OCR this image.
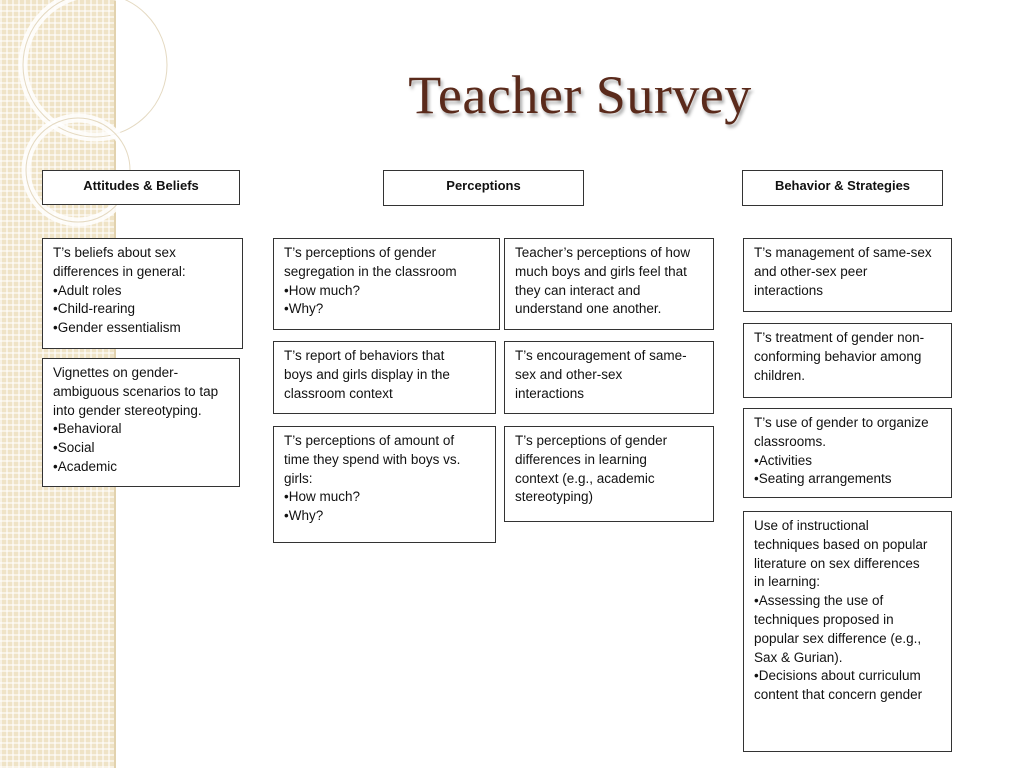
Teacher Survey
Attitudes & Beliefs	Perceptions	Behavior & Strategies
T’s beliefs about sex
differences in general:
•Adult roles
•Child-rearing
•Gender essentialism
Vignettes on gender-
ambiguous scenarios to tap
into gender stereotyping.
•Behavioral
•Social
•Academic
T’s perceptions of gender
segregation in the classroom
•How much?
•Why?
Teacher’s perceptions of how
much boys and girls feel that
they can interact and
understand one another.
T’s report of behaviors that
boys and girls display in the
classroom context
T’s encouragement of same-
sex and other-sex
interactions
T’s perceptions of amount of
time they spend with boys vs.
girls:
•How much?
•Why?
T’s perceptions of gender
differences in learning
context (e.g., academic
stereotyping)
T’s management of same-sex
and other-sex peer
interactions
T’s treatment of gender non-
conforming behavior among
children.
T’s use of gender to organize
classrooms.
•Activities
•Seating arrangements
Use of instructional
techniques based on popular
literature on sex differences
in learning:
•Assessing the use of
techniques proposed in
popular sex difference (e.g.,
Sax & Gurian).
•Decisions about curriculum
content that concern gender
